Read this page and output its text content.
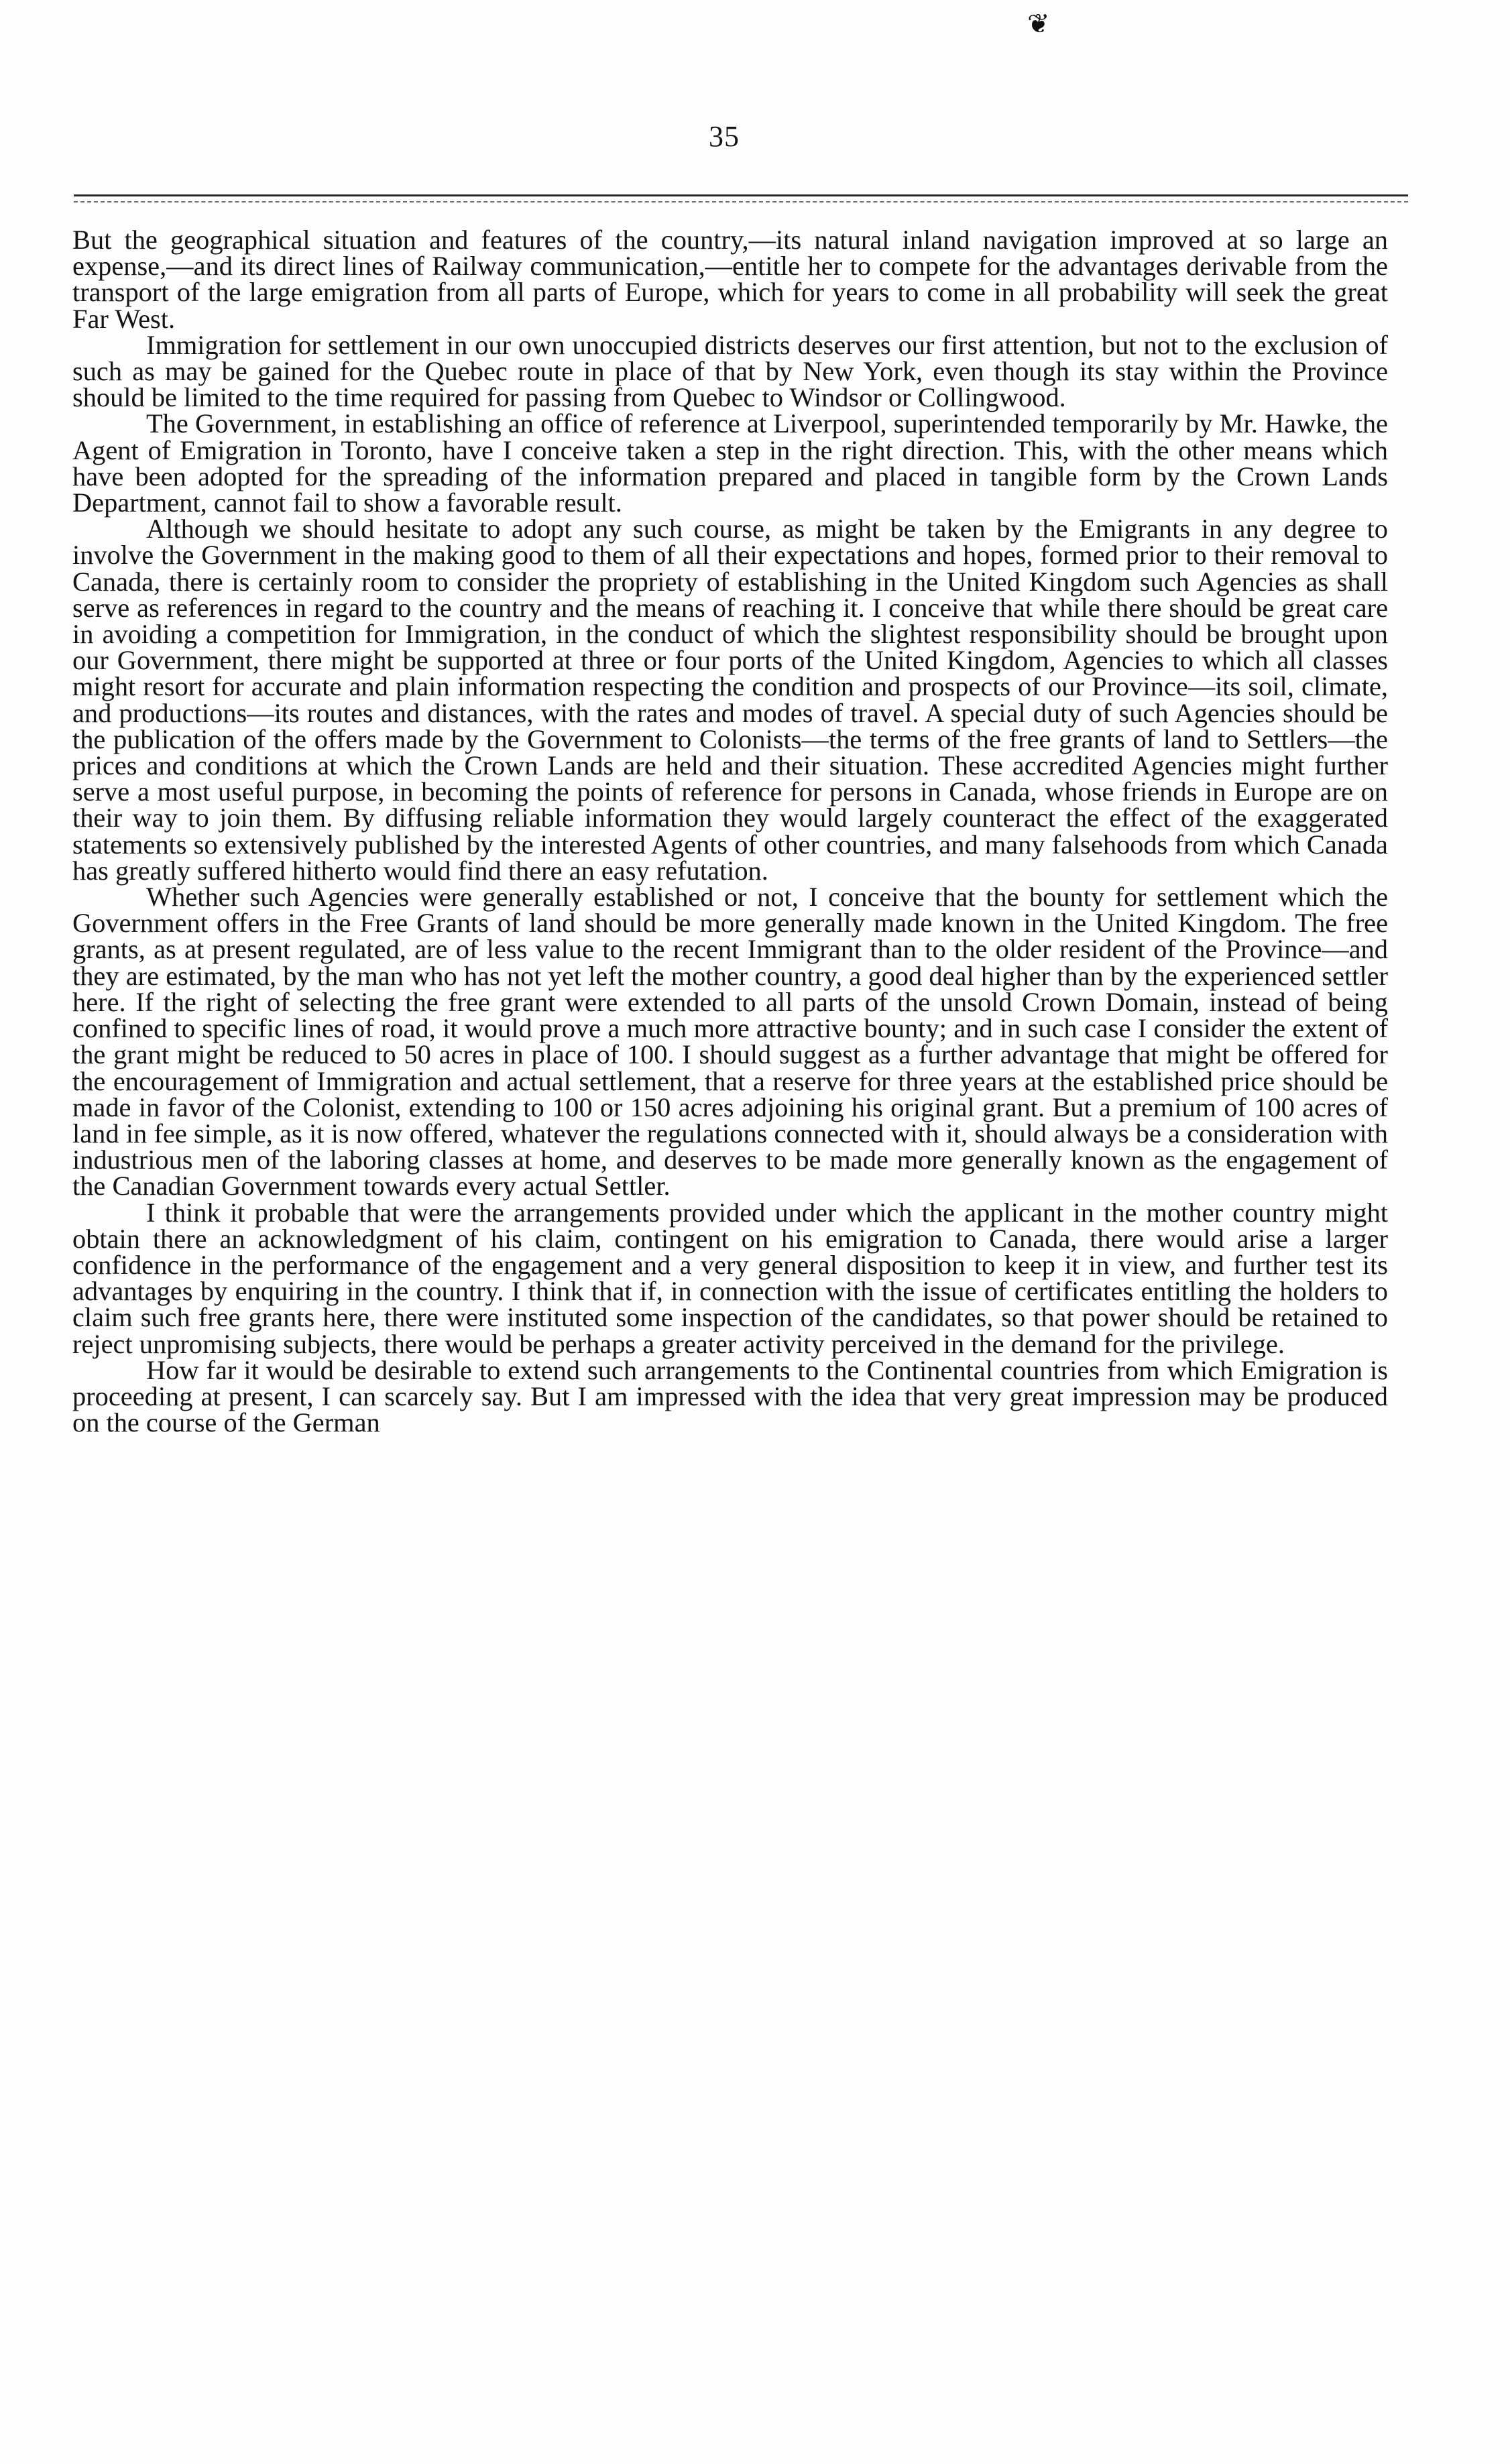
❦
35

But the geographical situation and features of the country,—its natural inland navigation improved at so large an expense,—and its direct lines of Railway communication,—entitle her to compete for the advantages derivable from the transport of the large emigration from all parts of Europe, which for years to come in all probability will seek the great Far West.

Immigration for settlement in our own unoccupied districts deserves our first attention, but not to the exclusion of such as may be gained for the Quebec route in place of that by New York, even though its stay within the Province should be limited to the time required for passing from Quebec to Windsor or Collingwood.

The Government, in establishing an office of reference at Liverpool, superintended temporarily by Mr. Hawke, the Agent of Emigration in Toronto, have I conceive taken a step in the right direction. This, with the other means which have been adopted for the spreading of the information prepared and placed in tangible form by the Crown Lands Department, cannot fail to show a favorable result.

Although we should hesitate to adopt any such course, as might be taken by the Emigrants in any degree to involve the Government in the making good to them of all their expectations and hopes, formed prior to their removal to Canada, there is certainly room to consider the propriety of establishing in the United Kingdom such Agencies as shall serve as references in regard to the country and the means of reaching it. I conceive that while there should be great care in avoiding a competition for Immigration, in the conduct of which the slightest responsibility should be brought upon our Government, there might be supported at three or four ports of the United Kingdom, Agencies to which all classes might resort for accurate and plain information respecting the condition and prospects of our Province—its soil, climate, and productions—its routes and distances, with the rates and modes of travel. A special duty of such Agencies should be the publication of the offers made by the Government to Colonists—the terms of the free grants of land to Settlers—the prices and conditions at which the Crown Lands are held and their situation. These accredited Agencies might further serve a most useful purpose, in becoming the points of reference for persons in Canada, whose friends in Europe are on their way to join them. By diffusing reliable information they would largely counteract the effect of the exaggerated statements so extensively published by the interested Agents of other countries, and many falsehoods from which Canada has greatly suffered hitherto would find there an easy refutation.

Whether such Agencies were generally established or not, I conceive that the bounty for settlement which the Government offers in the Free Grants of land should be more generally made known in the United Kingdom. The free grants, as at present regulated, are of less value to the recent Immigrant than to the older resident of the Province—and they are estimated, by the man who has not yet left the mother country, a good deal higher than by the experienced settler here. If the right of selecting the free grant were extended to all parts of the unsold Crown Domain, instead of being confined to specific lines of road, it would prove a much more attractive bounty; and in such case I consider the extent of the grant might be reduced to 50 acres in place of 100. I should suggest as a further advantage that might be offered for the encouragement of Immigration and actual settlement, that a reserve for three years at the established price should be made in favor of the Colonist, extending to 100 or 150 acres adjoining his original grant. But a premium of 100 acres of land in fee simple, as it is now offered, whatever the regulations connected with it, should always be a consideration with industrious men of the laboring classes at home, and deserves to be made more generally known as the engagement of the Canadian Government towards every actual Settler.

I think it probable that were the arrangements provided under which the applicant in the mother country might obtain there an acknowledgment of his claim, contingent on his emigration to Canada, there would arise a larger confidence in the performance of the engagement and a very general disposition to keep it in view, and further test its advantages by enquiring in the country. I think that if, in connection with the issue of certificates entitling the holders to claim such free grants here, there were instituted some inspection of the candidates, so that power should be retained to reject unpromising subjects, there would be perhaps a greater activity perceived in the demand for the privilege.

How far it would be desirable to extend such arrangements to the Continental countries from which Emigration is proceeding at present, I can scarcely say. But I am impressed with the idea that very great impression may be produced on the course of the German
